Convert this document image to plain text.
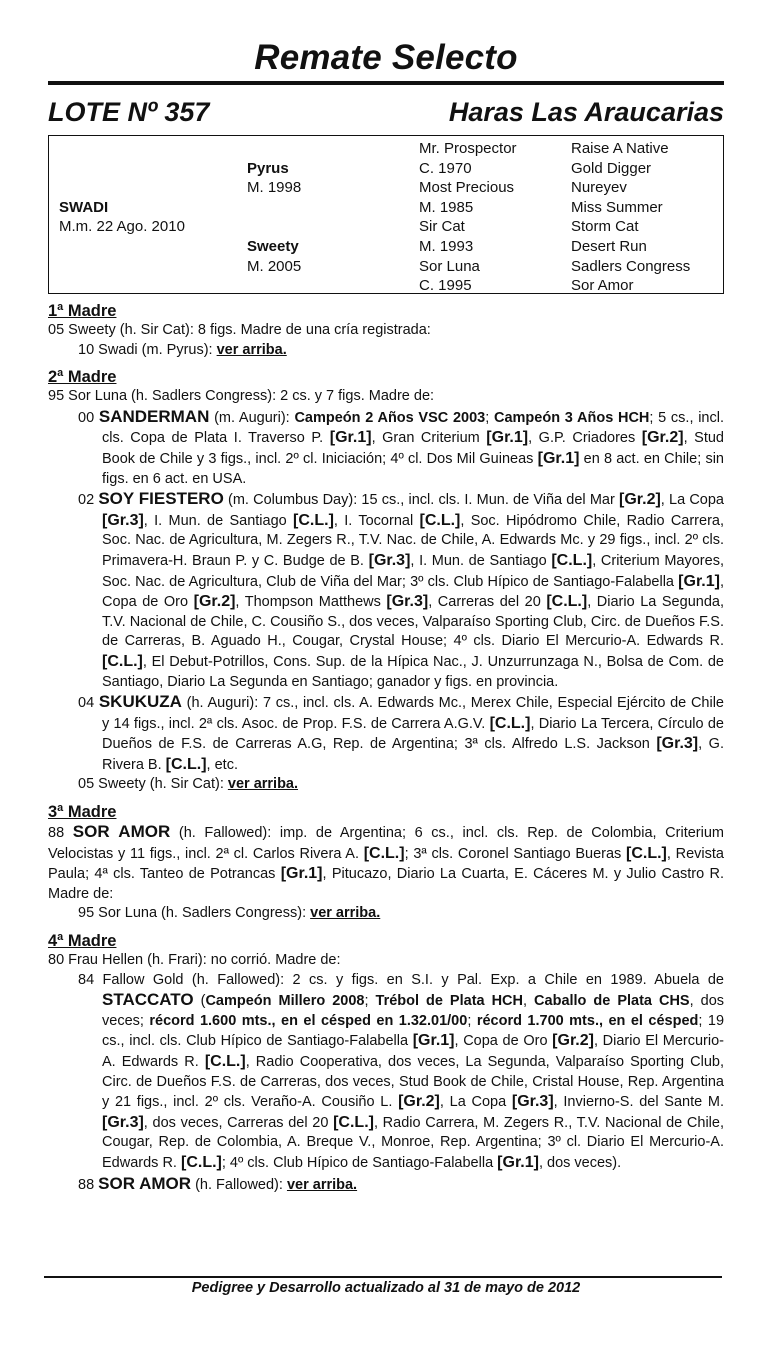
Remate Selecto
LOTE Nº 357	Haras Las Araucarias
SWADI
M.m. 22 Ago. 2010
Pyrus
M. 1998
Sweety
M. 2005
Mr. Prospector
C. 1970
Most Precious
M. 1985
Sir Cat
M. 1993
Sor Luna
C. 1995
Raise A Native
Gold Digger
Nureyev
Miss Summer
Storm Cat
Desert Run
Sadlers Congress
Sor Amor
1ª Madre
05 Sweety (h. Sir Cat): 8 figs. Madre de una cría registrada:
10 Swadi (m. Pyrus): ver arriba.
2ª Madre
95 Sor Luna (h. Sadlers Congress): 2 cs. y 7 figs. Madre de:
00 SANDERMAN (m. Auguri): Campeón 2 Años VSC 2003; Campeón 3 Años HCH; 5 cs., incl. cls. Copa de Plata I. Traverso P. [Gr.1], Gran Criterium [Gr.1], G.P. Criadores [Gr.2], Stud Book de Chile y 3 figs., incl. 2º cl. Iniciación; 4º cl. Dos Mil Guineas [Gr.1] en 8 act. en Chile; sin figs. en 6 act. en USA.
02 SOY FIESTERO (m. Columbus Day): 15 cs., incl. cls. I. Mun. de Viña del Mar [Gr.2], La Copa [Gr.3], I. Mun. de Santiago [C.L.], I. Tocornal [C.L.], Soc. Hipódromo Chile, Radio Carrera, Soc. Nac. de Agricultura, M. Zegers R., T.V. Nac. de Chile, A. Edwards Mc. y 29 figs., incl. 2º cls. Primavera-H. Braun P. y C. Budge de B. [Gr.3], I. Mun. de Santiago [C.L.], Criterium Mayores, Soc. Nac. de Agricultura, Club de Viña del Mar; 3º cls. Club Hípico de Santiago-Falabella [Gr.1], Copa de Oro [Gr.2], Thompson Matthews [Gr.3], Carreras del 20 [C.L.], Diario La Segunda, T.V. Nacional de Chile, C. Cousiño S., dos veces, Valparaíso Sporting Club, Circ. de Dueños F.S. de Carreras, B. Aguado H., Cougar, Crystal House; 4º cls. Diario El Mercurio-A. Edwards R. [C.L.], El Debut-Potrillos, Cons. Sup. de la Hípica Nac., J. Unzurrunzaga N., Bolsa de Com. de Santiago, Diario La Segunda en Santiago; ganador y figs. en provincia.
04 SKUKUZA (h. Auguri): 7 cs., incl. cls. A. Edwards Mc., Merex Chile, Especial Ejército de Chile y 14 figs., incl. 2ª cls. Asoc. de Prop. F.S. de Carrera A.G.V. [C.L.], Diario La Tercera, Círculo de Dueños de F.S. de Carreras A.G, Rep. de Argentina; 3ª cls. Alfredo L.S. Jackson [Gr.3], G. Rivera B. [C.L.], etc.
05 Sweety (h. Sir Cat): ver arriba.
3ª Madre
88 SOR AMOR (h. Fallowed): imp. de Argentina; 6 cs., incl. cls. Rep. de Colombia, Criterium Velocistas y 11 figs., incl. 2ª cl. Carlos Rivera A. [C.L.]; 3ª cls. Coronel Santiago Bueras [C.L.], Revista Paula; 4ª cls. Tanteo de Potrancas [Gr.1], Pitucazo, Diario La Cuarta, E. Cáceres M. y Julio Castro R. Madre de:
95 Sor Luna (h. Sadlers Congress): ver arriba.
4ª Madre
80 Frau Hellen (h. Frari): no corrió. Madre de:
84 Fallow Gold (h. Fallowed): 2 cs. y figs. en S.I. y Pal. Exp. a Chile en 1989. Abuela de STACCATO (Campeón Millero 2008; Trébol de Plata HCH, Caballo de Plata CHS, dos veces; récord 1.600 mts., en el césped en 1.32.01/00; récord 1.700 mts., en el césped; 19 cs., incl. cls. Club Hípico de Santiago-Falabella [Gr.1], Copa de Oro [Gr.2], Diario El Mercurio-A. Edwards R. [C.L.], Radio Cooperativa, dos veces, La Segunda, Valparaíso Sporting Club, Circ. de Dueños F.S. de Carreras, dos veces, Stud Book de Chile, Cristal House, Rep. Argentina y 21 figs., incl. 2º cls. Veraño-A. Cousiño L. [Gr.2], La Copa [Gr.3], Invierno-S. del Sante M. [Gr.3], dos veces, Carreras del 20 [C.L.], Radio Carrera, M. Zegers R., T.V. Nacional de Chile, Cougar, Rep. de Colombia, A. Breque V., Monroe, Rep. Argentina; 3º cl. Diario El Mercurio-A. Edwards R. [C.L.]; 4º cls. Club Hípico de Santiago-Falabella [Gr.1], dos veces).
88 SOR AMOR (h. Fallowed): ver arriba.
Pedigree y Desarrollo actualizado al 31 de mayo de 2012
